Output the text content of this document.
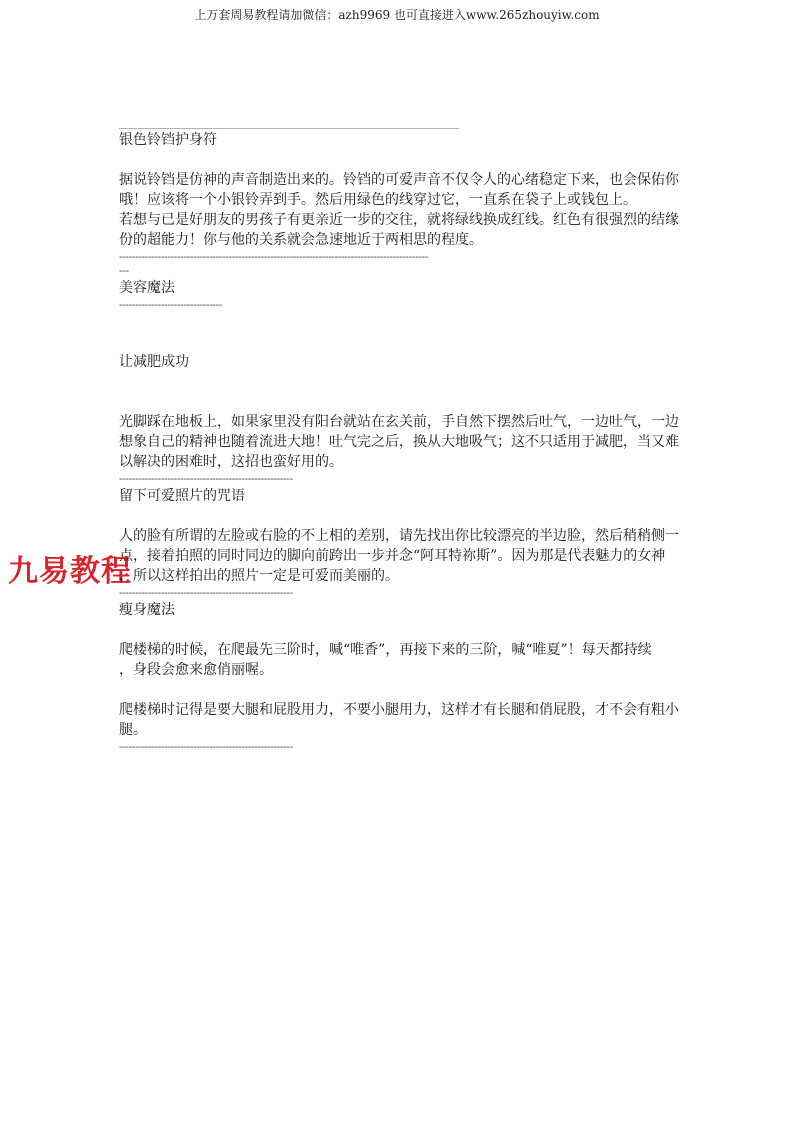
上万套周易教程请加微信：azh9969 也可直接进入www.265zhouyiw.com
九易教程
____________________________________________________________________

银色铃铛护身符

据说铃铛是仿神的声音制造出来的。铃铛的可爱声音不仅令人的心绪稳定下来，也会保佑你

哦！应该将一个小银铃弄到手。然后用绿色的线穿过它，一直系在袋子上或钱包上。

若想与已是好朋友的男孩子有更亲近一步的交往，就将绿线换成红线。红色有很强烈的结缘

份的超能力！你与他的关系就会急速地近于两相思的程度。

------------------------------------------------------------------------------------------------
---

美容魔法

--------------------------------

让减肥成功

光脚踩在地板上，如果家里没有阳台就站在玄关前，手自然下摆然后吐气，一边吐气，一边

想象自己的精神也随着流进大地！吐气完之后，换从大地吸气；这不只适用于减肥，当又难

以解决的困难时，这招也蛮好用的。

------------------------------------------------------

留下可爱照片的咒语

人的脸有所谓的左脸或右脸的不上相的差别，请先找出你比较漂亮的半边脸，然后稍稍侧一

点，接着拍照的同时同边的脚向前跨出一步并念“阿耳特祢斯”。因为那是代表魅力的女神

，所以这样拍出的照片一定是可爱而美丽的。

------------------------------------------------------

瘦身魔法

爬楼梯的时候，在爬最先三阶时，喊“唯香”，再接下来的三阶，喊“唯夏”！每天都持续

，身段会愈来愈俏丽喔。

爬楼梯时记得是要大腿和屁股用力，不要小腿用力，这样才有长腿和俏屁股，才不会有粗小

腿。

------------------------------------------------------
